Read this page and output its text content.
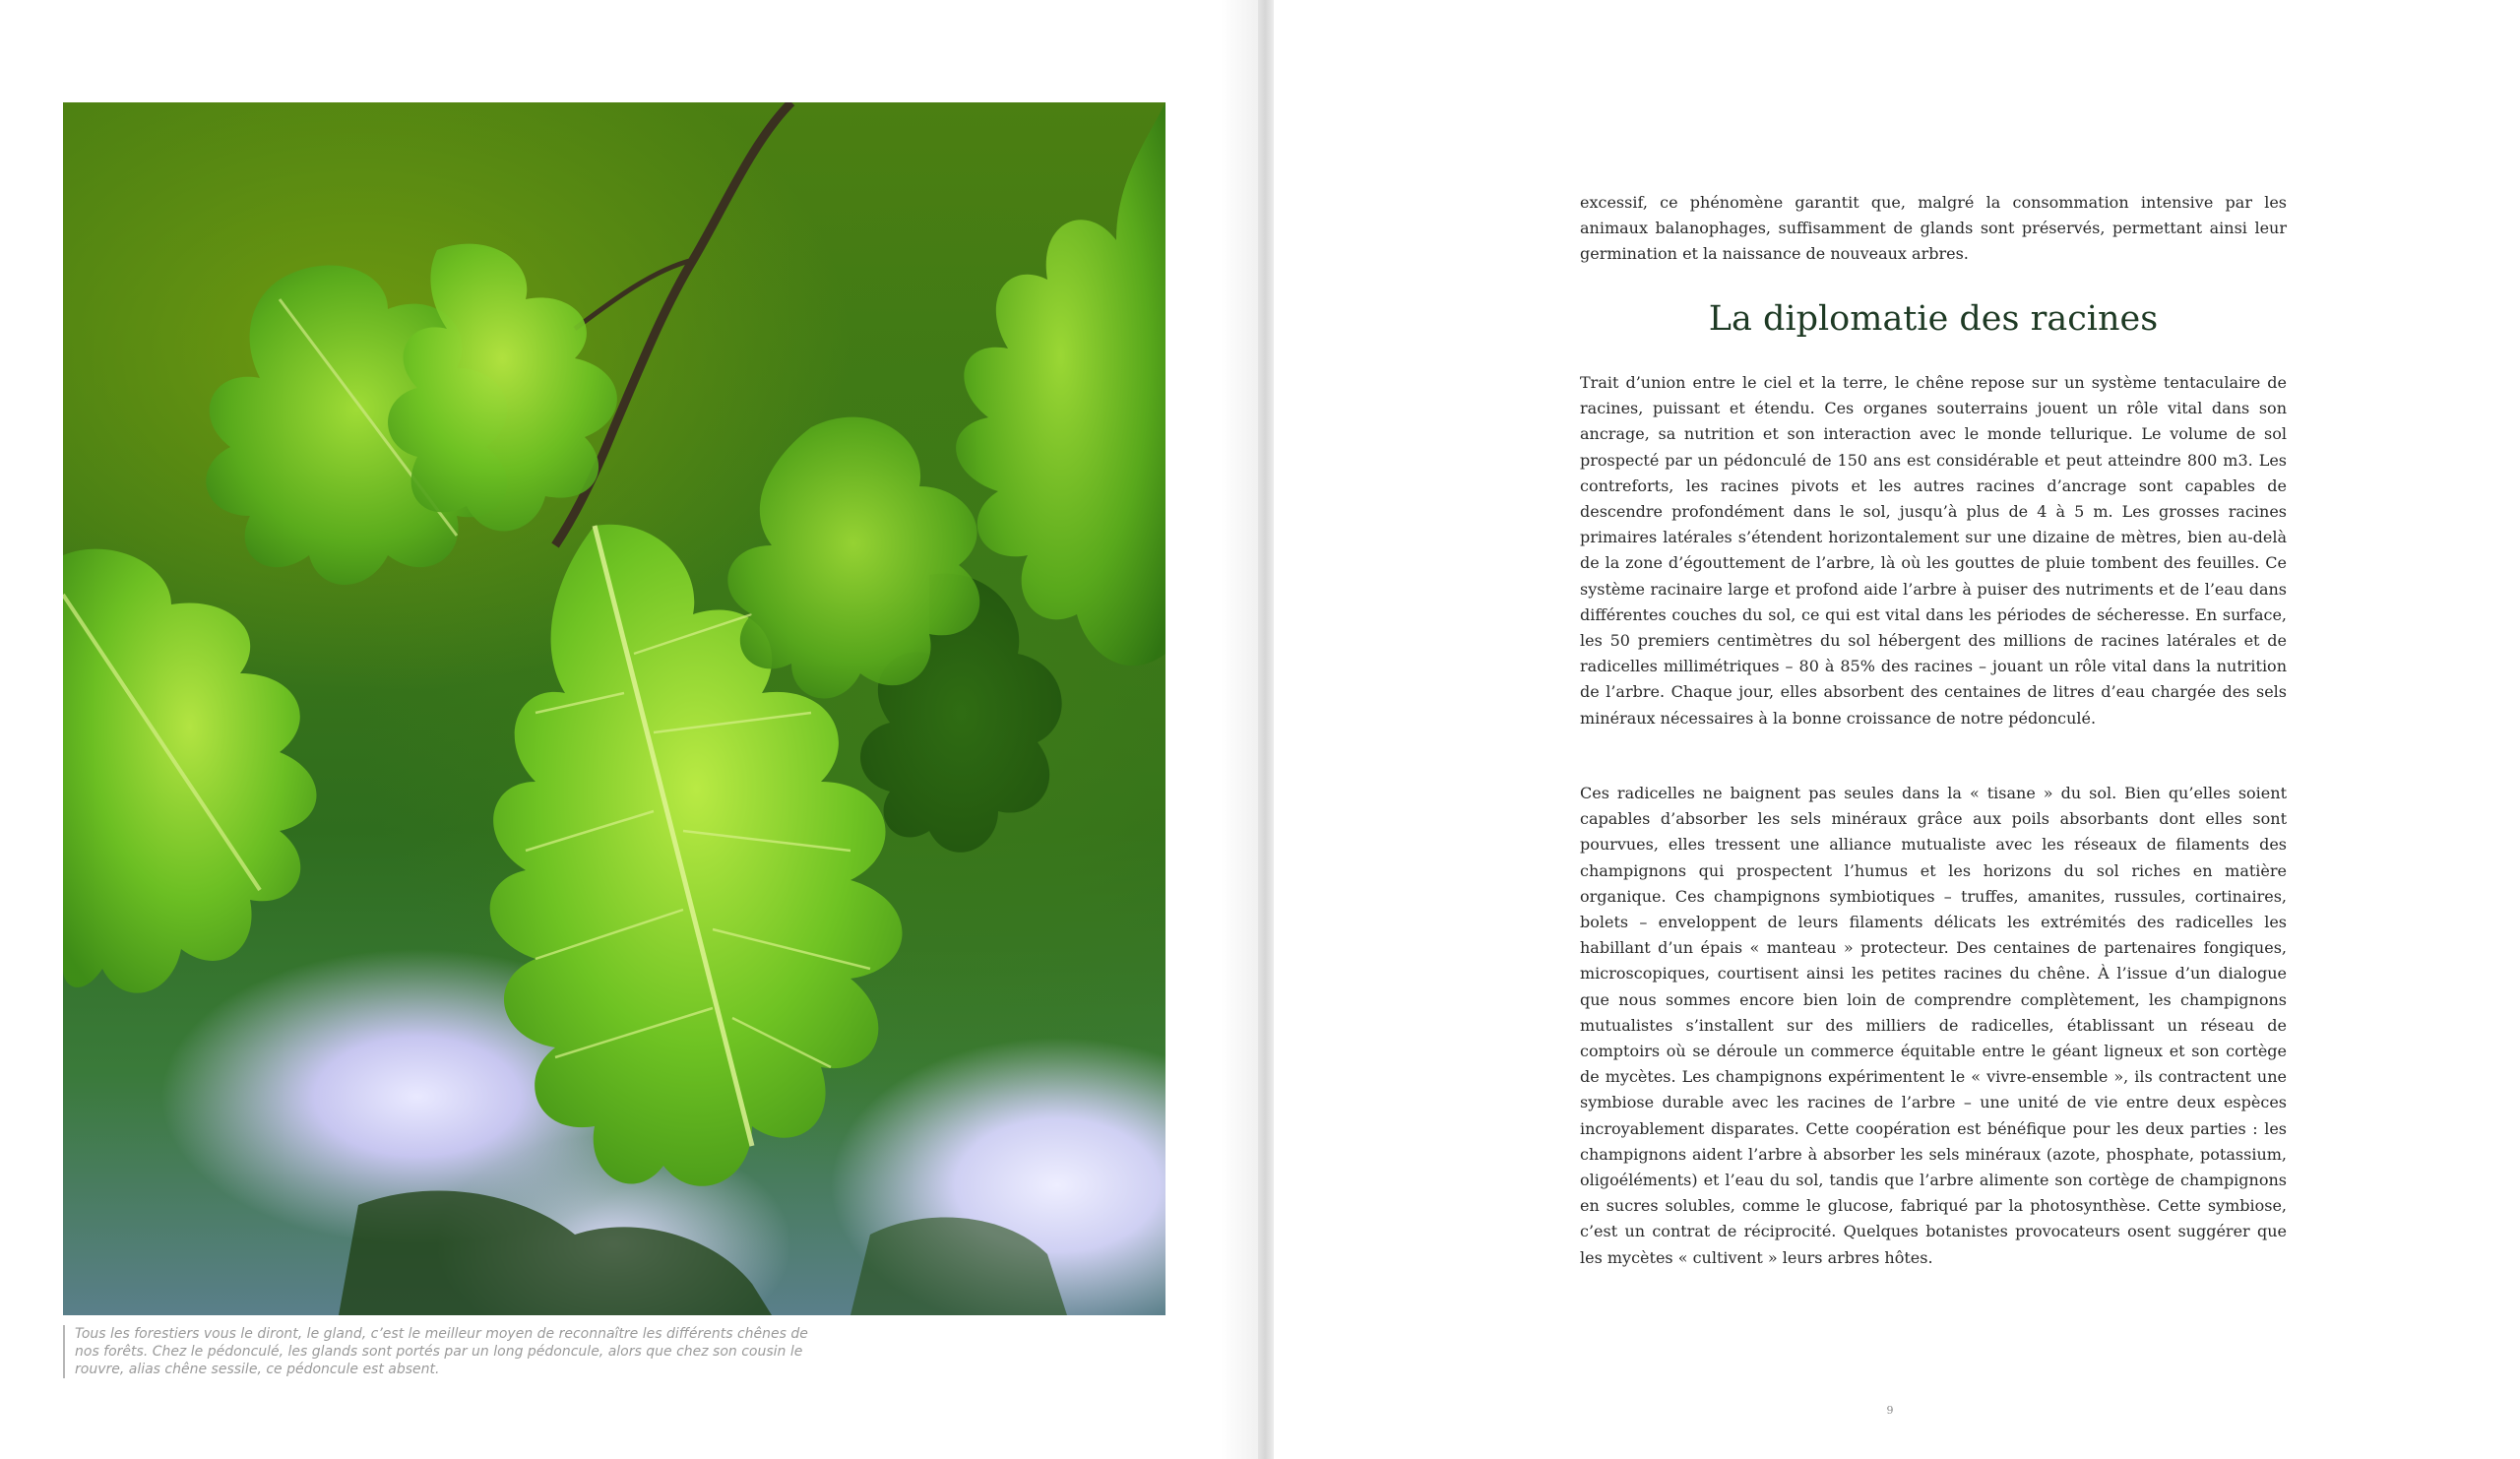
Tous les forestiers vous le diront, le gland, c’est le meilleur moyen de reconnaître les différents chênes de nos forêts. Chez le pédonculé, les glands sont portés par un long pédoncule, alors que chez son cousin le rouvre, alias chêne sessile, ce pédoncule est absent.

excessif, ce phénomène garantit que, malgré la consommation intensive par les animaux balanophages, suffisamment de glands sont préservés, permettant ainsi leur germination et la naissance de nouveaux arbres.

La diplomatie des racines

Trait d’union entre le ciel et la terre, le chêne repose sur un système tentaculaire de racines, puissant et étendu. Ces organes souterrains jouent un rôle vital dans son ancrage, sa nutrition et son interaction avec le monde tellurique. Le volume de sol prospecté par un pédonculé de 150 ans est considérable et peut atteindre 800 m3. Les contreforts, les racines pivots et les autres racines d’ancrage sont capables de descendre profondément dans le sol, jusqu’à plus de 4 à 5 m. Les grosses racines primaires latérales s’étendent horizontalement sur une dizaine de mètres, bien au-delà de la zone d’égouttement de l’arbre, là où les gouttes de pluie tombent des feuilles. Ce système racinaire large et profond aide l’arbre à puiser des nutriments et de l’eau dans différentes couches du sol, ce qui est vital dans les périodes de sécheresse. En surface, les 50 premiers centimètres du sol hébergent des millions de racines latérales et de radicelles millimétriques – 80 à 85% des racines – jouant un rôle vital dans la nutrition de l’arbre. Chaque jour, elles absorbent des centaines de litres d’eau chargée des sels minéraux nécessaires à la bonne croissance de notre pédonculé.

Ces radicelles ne baignent pas seules dans la « tisane » du sol. Bien qu’elles soient capables d’absorber les sels minéraux grâce aux poils absorbants dont elles sont pourvues, elles tressent une alliance mutualiste avec les réseaux de filaments des champignons qui prospectent l’humus et les horizons du sol riches en matière organique. Ces champignons symbiotiques – truffes, amanites, russules, cortinaires, bolets – enveloppent de leurs filaments délicats les extrémités des radicelles les habillant d’un épais « manteau » protecteur. Des centaines de partenaires fongiques, microscopiques, courtisent ainsi les petites racines du chêne. À l’issue d’un dialogue que nous sommes encore bien loin de comprendre complètement, les champignons mutualistes s’installent sur des milliers de radicelles, établissant un réseau de comptoirs où se déroule un commerce équitable entre le géant ligneux et son cortège de mycètes. Les champignons expérimentent le « vivre-ensemble », ils contractent une symbiose durable avec les racines de l’arbre – une unité de vie entre deux espèces incroyablement disparates. Cette coopération est bénéfique pour les deux parties : les champignons aident l’arbre à absorber les sels minéraux (azote, phosphate, potassium, oligoéléments) et l’eau du sol, tandis que l’arbre alimente son cortège de champignons en sucres solubles, comme le glucose, fabriqué par la photosynthèse. Cette symbiose, c’est un contrat de réciprocité. Quelques botanistes provocateurs osent suggérer que les mycètes « cultivent » leurs arbres hôtes.

9
